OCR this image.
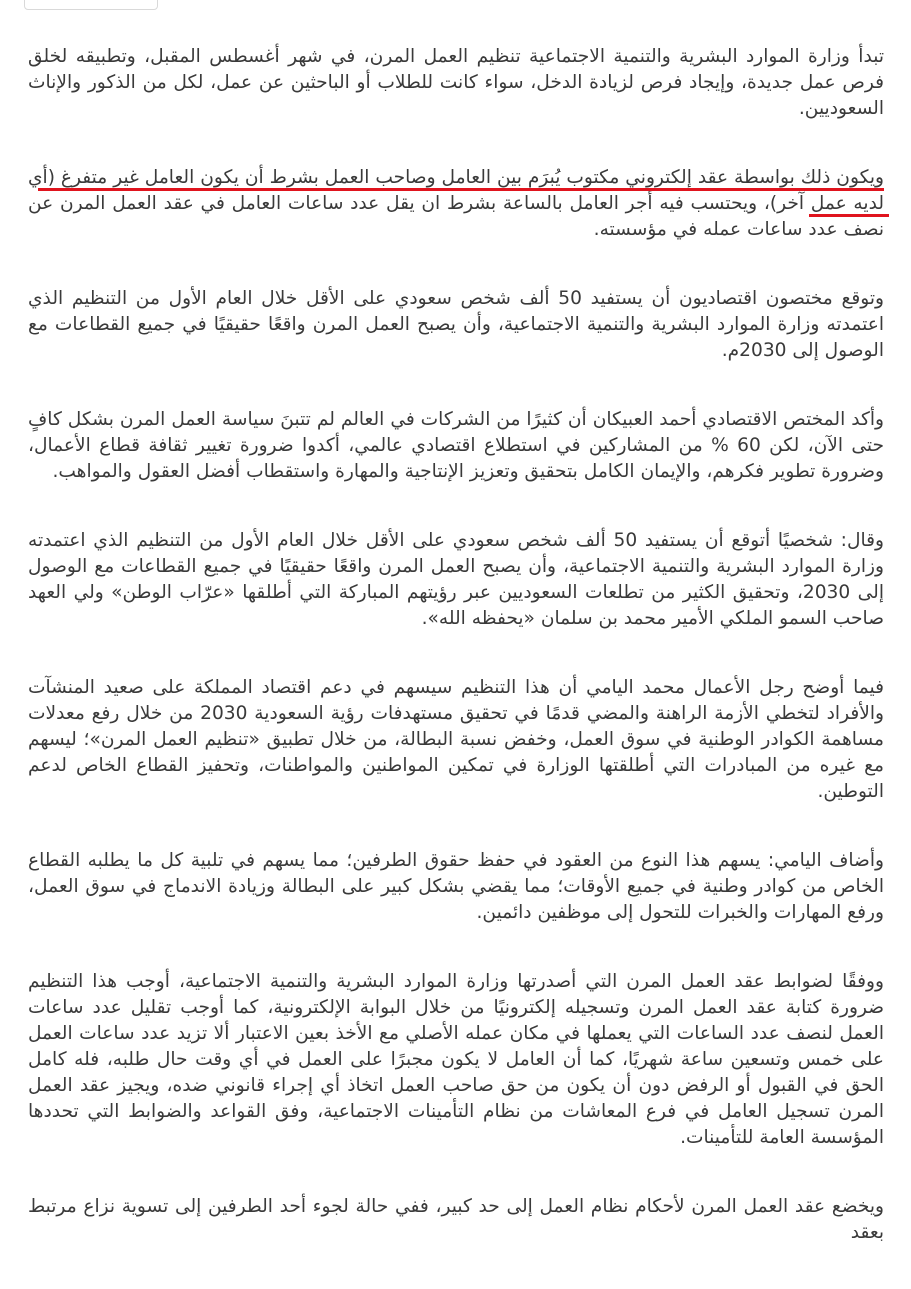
تبدأ وزارة الموارد البشرية والتنمية الاجتماعية تنظيم العمل المرن، في شهر أغسطس المقبل، وتطبيقه لخلق فرص عمل جديدة، وإيجاد فرص لزيادة الدخل، سواء كانت للطلاب أو الباحثين عن عمل، لكل من الذكور والإناث السعوديين.

ويكون ذلك بواسطة عقد إلكتروني مكتوب يُبرَم بين العامل وصاحب العمل بشرط أن يكون العامل غير متفرغ (أي لديه عمل آخر)، ويحتسب فيه أجر العامل بالساعة بشرط ان يقل عدد ساعات العامل في عقد العمل المرن عن نصف عدد ساعات عمله في مؤسسته.

وتوقع مختصون اقتصاديون أن يستفيد 50 ألف شخص سعودي على الأقل خلال العام الأول من التنظيم الذي اعتمدته وزارة الموارد البشرية والتنمية الاجتماعية، وأن يصبح العمل المرن واقعًا حقيقيًا في جميع القطاعات مع الوصول إلى 2030م.

وأكد المختص الاقتصادي أحمد العبيكان أن كثيرًا من الشركات في العالم لم تتبنَ سياسة العمل المرن بشكل كافٍ حتى الآن، لكن 60 % من المشاركين في استطلاع اقتصادي عالمي، أكدوا ضرورة تغيير ثقافة قطاع الأعمال، وضرورة تطوير فكرهم، والإيمان الكامل بتحقيق وتعزيز الإنتاجية والمهارة واستقطاب أفضل العقول والمواهب.

وقال: شخصيًا أتوقع أن يستفيد 50 ألف شخص سعودي على الأقل خلال العام الأول من التنظيم الذي اعتمدته وزارة الموارد البشرية والتنمية الاجتماعية، وأن يصبح العمل المرن واقعًا حقيقيًا في جميع القطاعات مع الوصول إلى 2030، وتحقيق الكثير من تطلعات السعوديين عبر رؤيتهم المباركة التي أطلقها «عرّاب الوطن» ولي العهد صاحب السمو الملكي الأمير محمد بن سلمان «يحفظه الله».

فيما أوضح رجل الأعمال محمد اليامي أن هذا التنظيم سيسهم في دعم اقتصاد المملكة على صعيد المنشآت والأفراد لتخطي الأزمة الراهنة والمضي قدمًا في تحقيق مستهدفات رؤية السعودية 2030 من خلال رفع معدلات مساهمة الكوادر الوطنية في سوق العمل، وخفض نسبة البطالة، من خلال تطبيق «تنظيم العمل المرن»؛ ليسهم مع غيره من المبادرات التي أطلقتها الوزارة في تمكين المواطنين والمواطنات، وتحفيز القطاع الخاص لدعم التوطين.

وأضاف اليامي: يسهم هذا النوع من العقود في حفظ حقوق الطرفين؛ مما يسهم في تلبية كل ما يطلبه القطاع الخاص من كوادر وطنية في جميع الأوقات؛ مما يقضي بشكل كبير على البطالة وزيادة الاندماج في سوق العمل، ورفع المهارات والخبرات للتحول إلى موظفين دائمين.

ووفقًا لضوابط عقد العمل المرن التي أصدرتها وزارة الموارد البشرية والتنمية الاجتماعية، أوجب هذا التنظيم ضرورة كتابة عقد العمل المرن وتسجيله إلكترونيًا من خلال البوابة الإلكترونية، كما أوجب تقليل عدد ساعات العمل لنصف عدد الساعات التي يعملها في مكان عمله الأصلي مع الأخذ بعين الاعتبار ألا تزيد عدد ساعات العمل على خمس وتسعين ساعة شهريًا، كما أن العامل لا يكون مجبرًا على العمل في أي وقت حال طلبه، فله كامل الحق في القبول أو الرفض دون أن يكون من حق صاحب العمل اتخاذ أي إجراء قانوني ضده، ويجيز عقد العمل المرن تسجيل العامل في فرع المعاشات من نظام التأمينات الاجتماعية، وفق القواعد والضوابط التي تحددها المؤسسة العامة للتأمينات.

ويخضع عقد العمل المرن لأحكام نظام العمل إلى حد كبير، ففي حالة لجوء أحد الطرفين إلى تسوية نزاع مرتبط بعقد
